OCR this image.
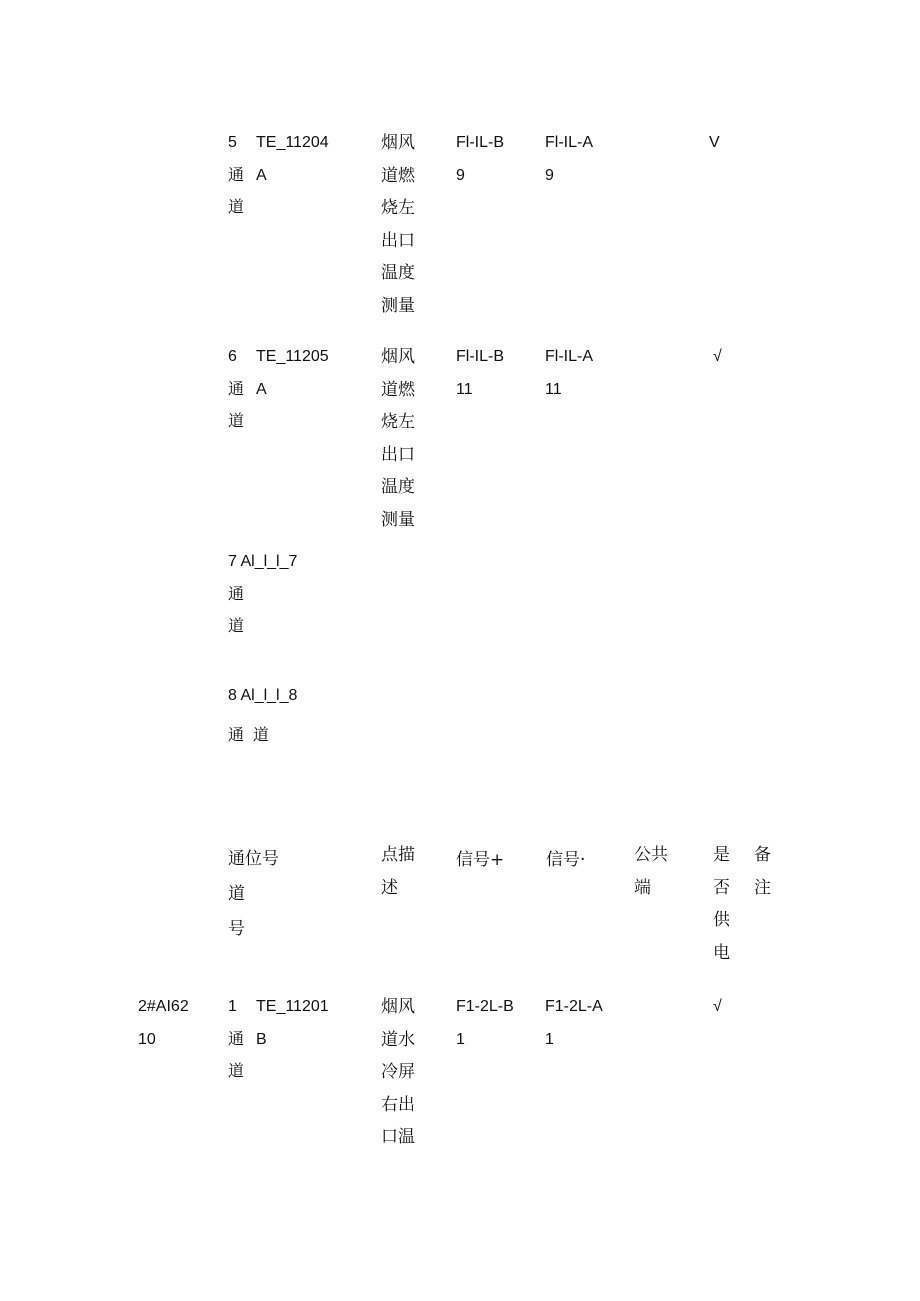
5
通
道
TE_11204
A
烟风
道燃
烧左
出口
温度
测量
Fl-IL-B
9
Fl-IL-A
9
V
6
通
道
TE_11205
A
烟风
道燃
烧左
出口
温度
测量
Fl-IL-B
11
Fl-IL-A
11
√
7 Al_l_l_7
通
道
8 Al_l_l_8
通  道
通位号
道
号
点描
述
信号+ 信号·	公共
端
是
否
供
电
备
注
2#AI62
10
1
通
道
TE_11201
B
烟风
道水
冷屏
右出
口温
F1-2L-B
1
F1-2L-A
1
√
